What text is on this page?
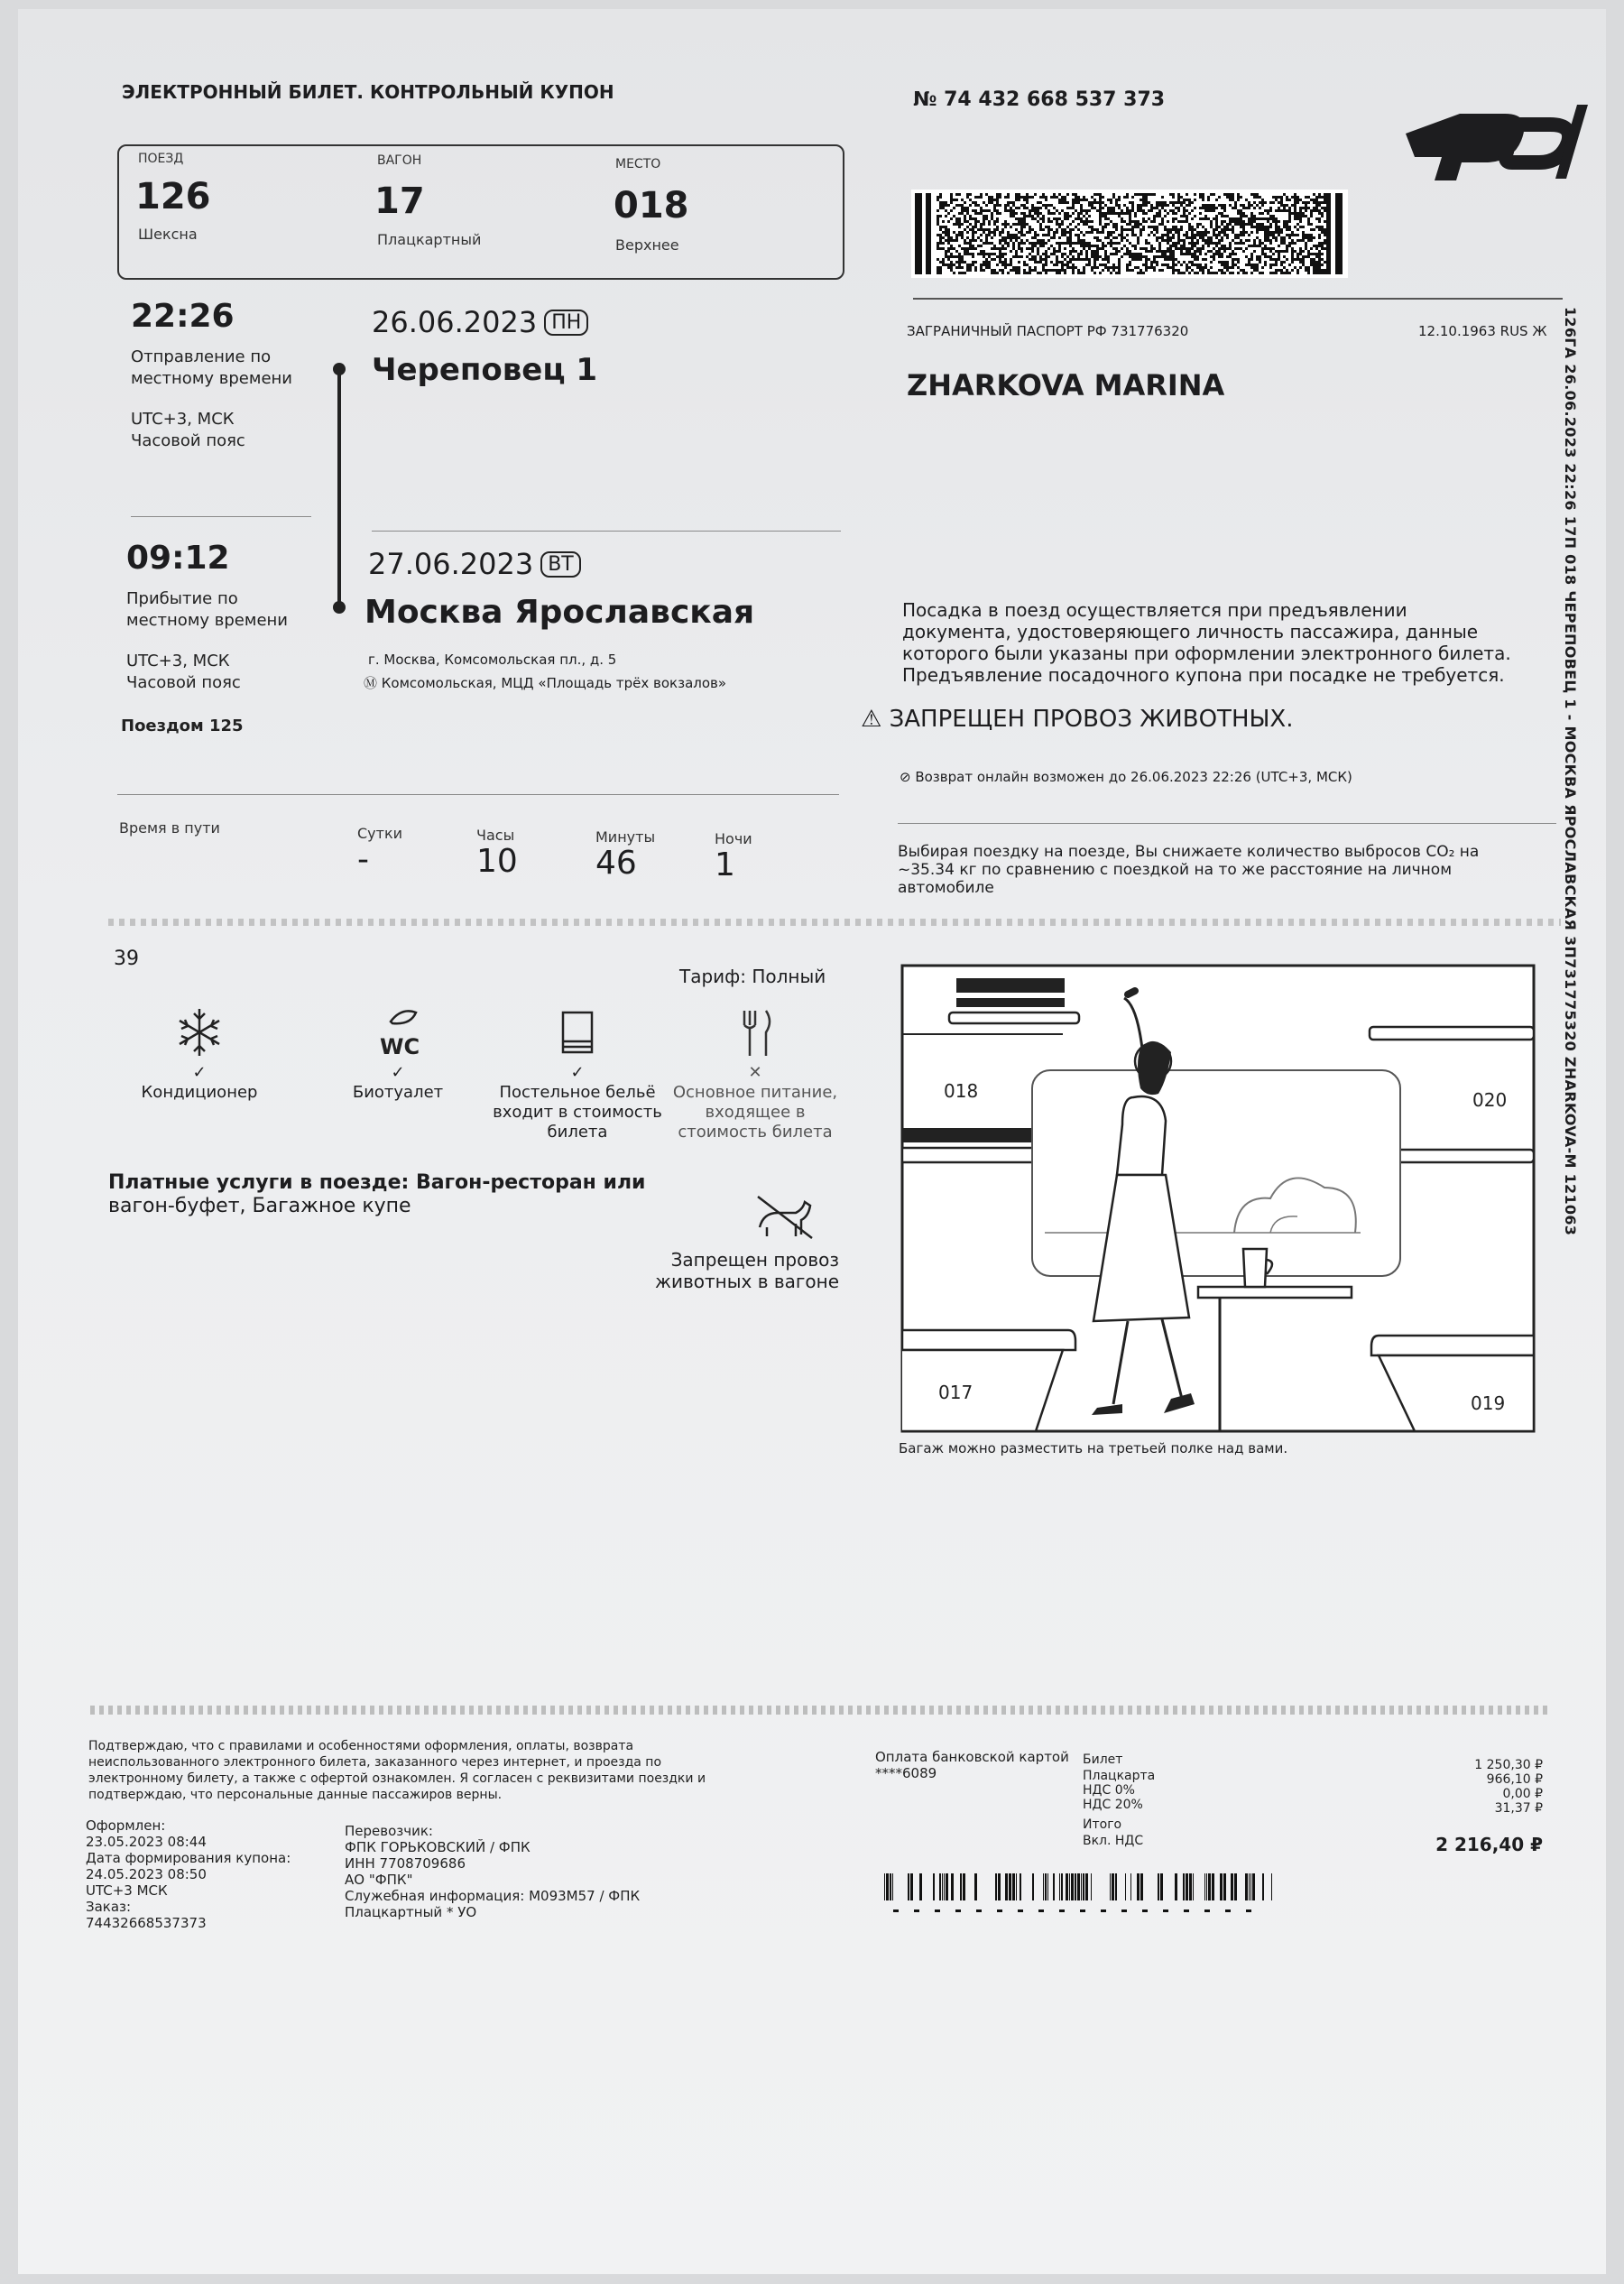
ЭЛЕКТРОННЫЙ БИЛЕТ. КОНТРОЛЬНЫЙ КУПОН	№ 74 432 668 537 373
ПОЕЗД
126
Шексна
ВАГОН
17
Плацкартный
МЕСТО
018
Верхнее
22:26
Отправление по местному времени
UTC+3, МСК
Часовой пояс
26.06.2023 ПН
Череповец 1
09:12
Прибытие по местному времени
UTC+3, МСК
Часовой пояс
Поездом 125
27.06.2023 ВТ
Москва Ярославская
г. Москва, Комсомольская пл., д. 5
Ⓜ Комсомольская, МЦД «Площадь трёх вокзалов»
Время в пути	Сутки
-
Часы
10
Минуты
46
Ночи
1
ЗАГРАНИЧНЫЙ ПАСПОРТ РФ 731776320	12.10.1963 RUS Ж
ZHARKOVA MARINA

Посадка в поезд осуществляется при предъявлении

документа, удостоверяющего личность пассажира, данные

которого были указаны при оформлении электронного билета.

Предъявление посадочного купона при посадке не требуется.

⚠ ЗАПРЕЩЕН ПРОВОЗ ЖИВОТНЫХ.
⊘ Возврат онлайн возможен до 26.06.2023 22:26 (UTC+3, МСК)

Выбирая поездку на поезде, Вы снижаете количество выбросов CO₂ на

~35.34 кг по сравнению с поездкой на то же расстояние на личном

автомобиле

39
Тариф: Полный
✓
Кондиционер
WC
✓
Биотуалет
✓
Постельное бельё входит в стоимость билета
✕
Основное питание, входящее в стоимость билета

Платные услуги в поезде: Вагон-ресторан или

вагон-буфет, Багажное купе

Запрещен провоз

животных в вагоне

018	020
017	019
Багаж можно разместить на третьей полке над вами.
126ГА 26.06.2023 22:26 17П 018 ЧЕРЕПОВЕЦ 1 - МОСКВА ЯРОСЛАВСКАЯ 3П731775320 ZHARKOVA-M 121063

Подтверждаю, что с правилами и особенностями оформления, оплаты, возврата

неиспользованного электронного билета, заказанного через интернет, и проезда по

электронному билету, а также с офертой ознакомлен. Я согласен с реквизитами поездки и

подтверждаю, что персональные данные пассажиров верны.

Оформлен:

23.05.2023 08:44

Дата формирования купона:

24.05.2023 08:50

UTC+3 МСК

Заказ:

74432668537373

Перевозчик:

ФПК ГОРЬКОВСКИЙ / ФПК

ИНН 7708709686

АО "ФПК"

Служебная информация: М093М57 / ФПК

Плацкартный * УО

Оплата банковской картой

****6089

Билет	1 250,30 ₽
Плацкарта	966,10 ₽
НДС 0%	0,00 ₽
НДС 20%	31,37 ₽
Итого
Вкл. НДС	2 216,40 ₽
